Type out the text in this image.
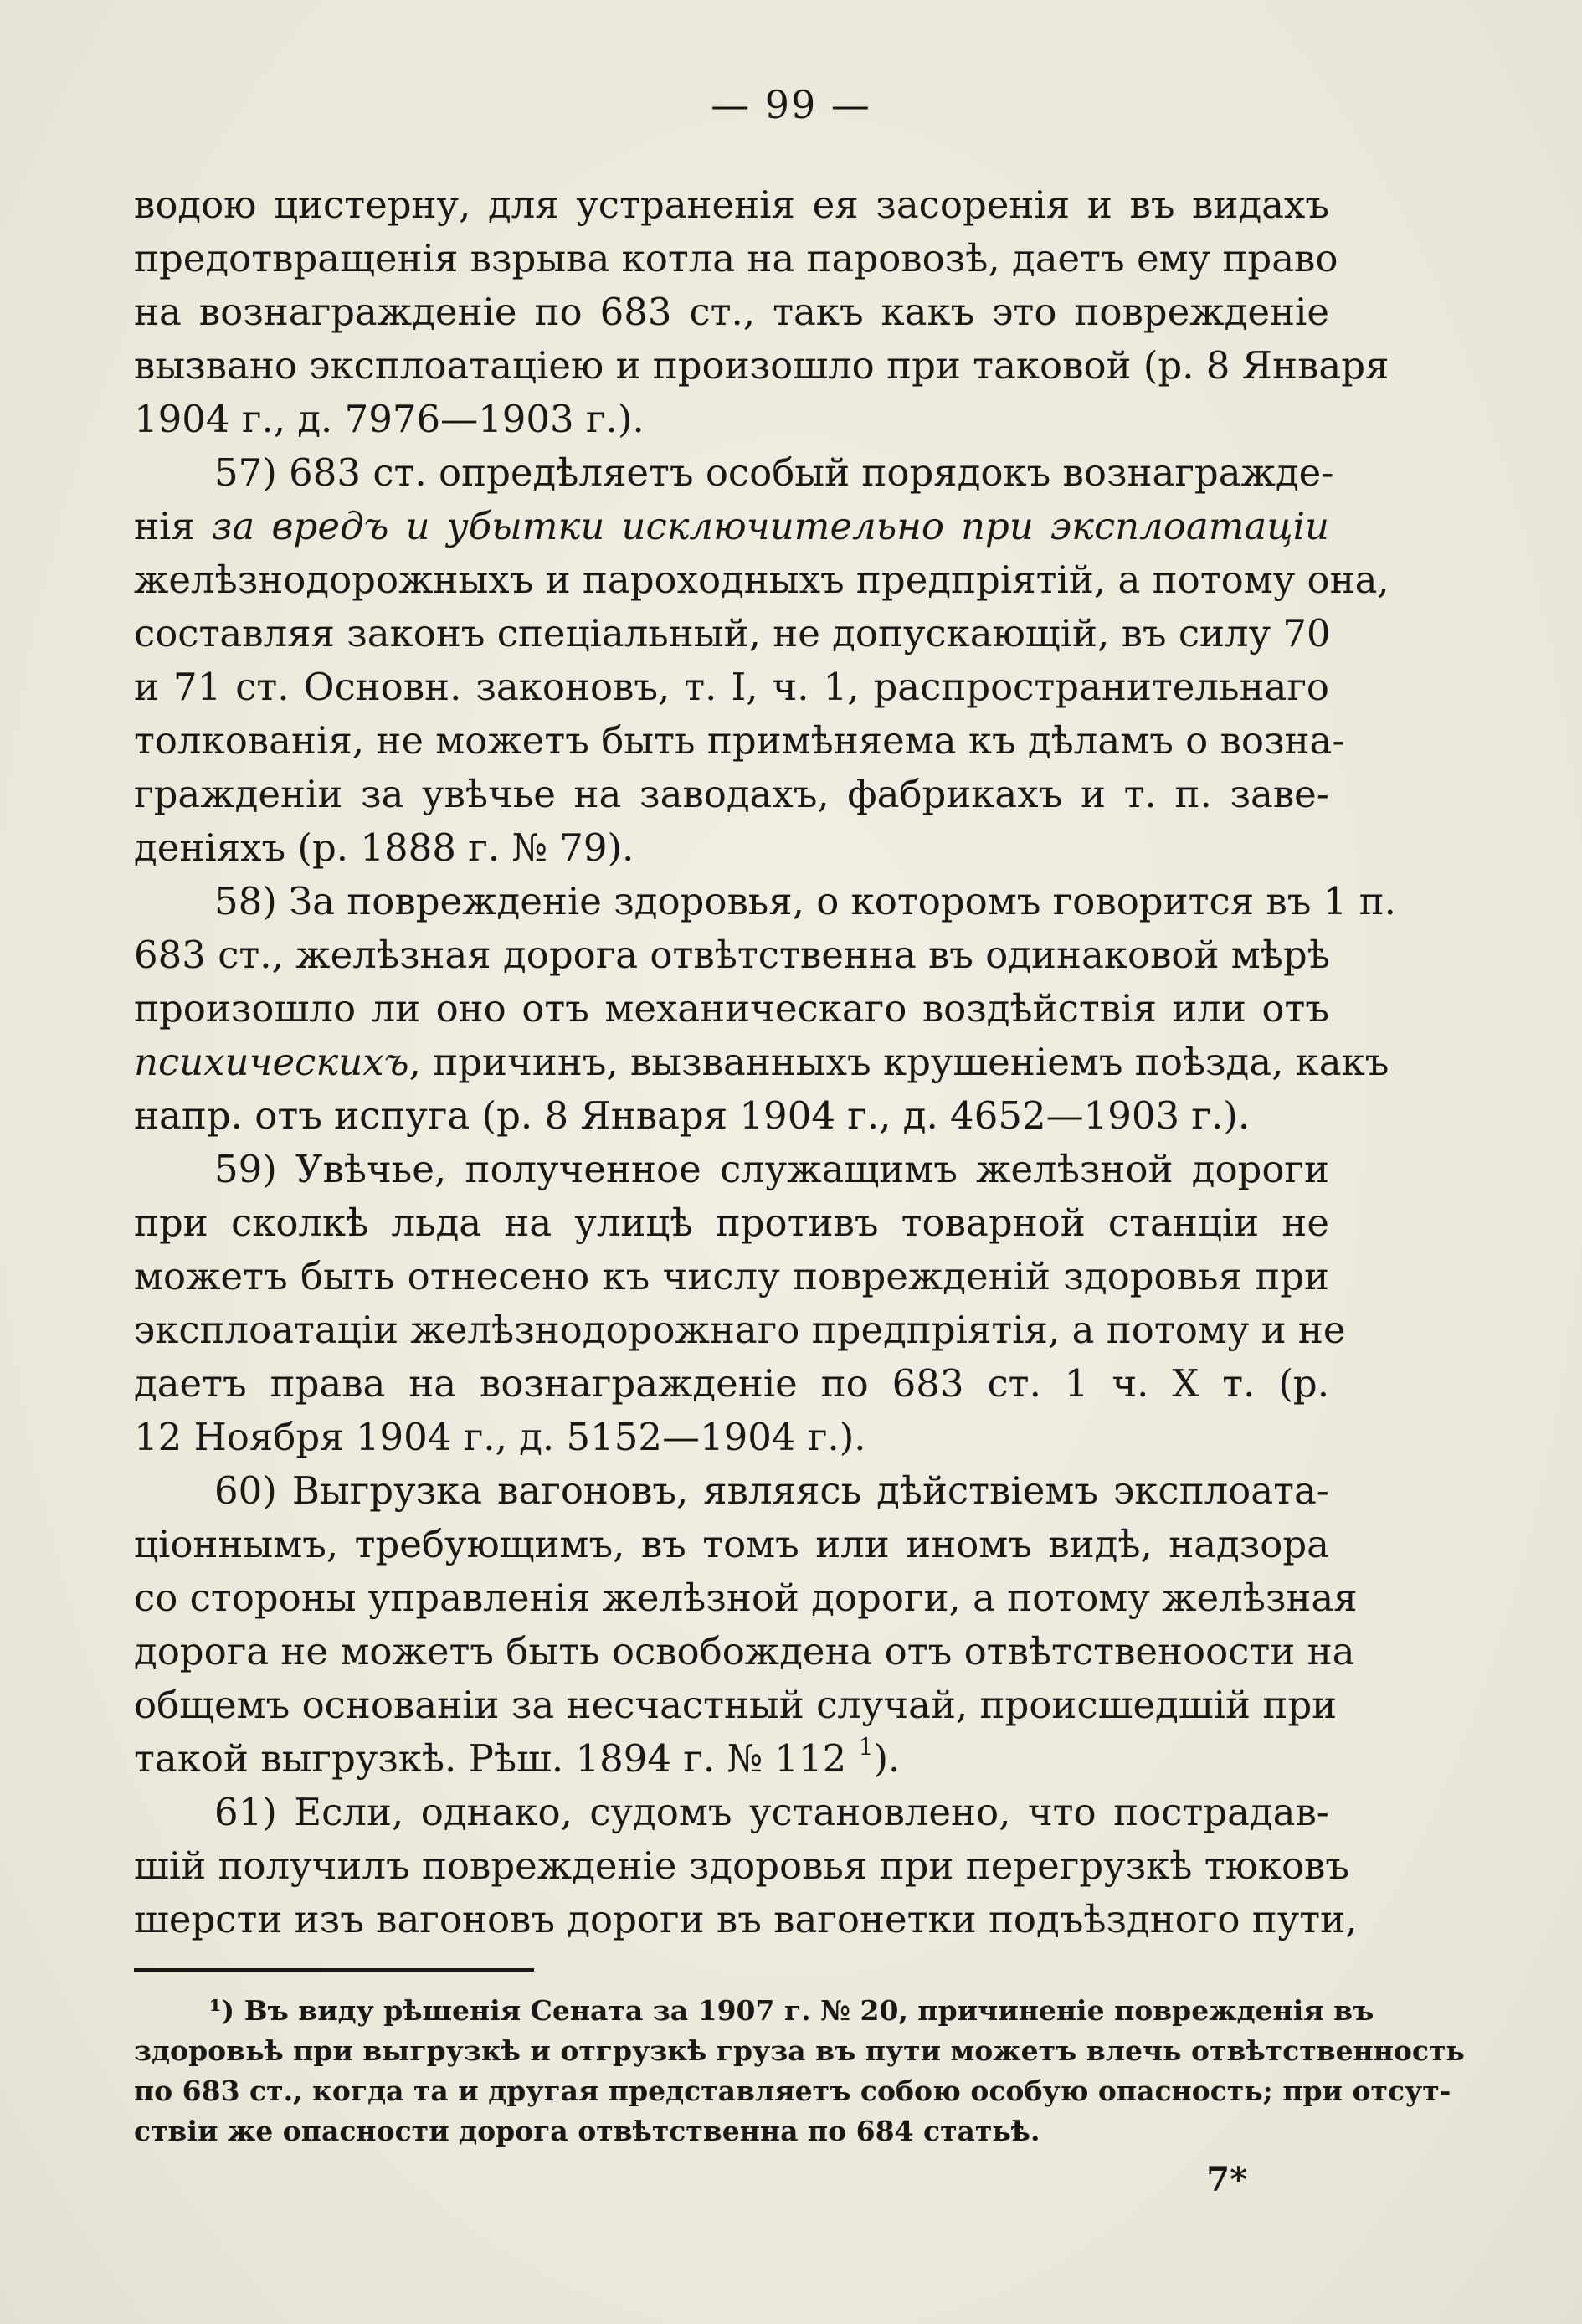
— 99 —
водою цистерну, для устраненія ея засоренія и въ видахъ
предотвращенія взрыва котла на паровозѣ, даетъ ему право
на вознагражденіе по 683 ст., такъ какъ это поврежденіе
вызвано эксплоатаціею и произошло при таковой (р. 8 Января
1904 г., д. 7976—1903 г.).
57) 683 ст. опредѣляетъ особый порядокъ вознагражде-
нія за вредъ и убытки исключительно при эксплоатаціи
желѣзнодорожныхъ и пароходныхъ предпріятій, а потому она,
составляя законъ спеціальный, не допускающій, въ силу 70
и 71 ст. Основн. законовъ, т. I, ч. 1, распространительнаго
толкованія, не можетъ быть примѣняема къ дѣламъ о возна-
гражденіи за увѣчье на заводахъ, фабрикахъ и т. п. заве-
деніяхъ (р. 1888 г. № 79).
58) За поврежденіе здоровья, о которомъ говорится въ 1 п.
683 ст., желѣзная дорога отвѣтственна въ одинаковой мѣрѣ
произошло ли оно отъ механическаго воздѣйствія или отъ
психическихъ, причинъ, вызванныхъ крушеніемъ поѣзда, какъ
напр. отъ испуга (р. 8 Января 1904 г., д. 4652—1903 г.).
59) Увѣчье, полученное служащимъ желѣзной дороги
при сколкѣ льда на улицѣ противъ товарной станціи не
можетъ быть отнесено къ числу поврежденій здоровья при
эксплоатаціи желѣзнодорожнаго предпріятія, а потому и не
даетъ права на вознагражденіе по 683 ст. 1 ч. X т. (р.
12 Ноября 1904 г., д. 5152—1904 г.).
60) Выгрузка вагоновъ, являясь дѣйствіемъ эксплоата-
ціоннымъ, требующимъ, въ томъ или иномъ видѣ, надзора
со стороны управленія желѣзной дороги, а потому желѣзная
дорога не можетъ быть освобождена отъ отвѣтственоости на
общемъ основаніи за несчастный случай, происшедшій при
такой выгрузкѣ. Рѣш. 1894 г. № 112 $^1$).
61) Если, однако, судомъ установлено, что пострадав-
шій получилъ поврежденіе здоровья при перегрузкѣ тюковъ
шерсти изъ вагоновъ дороги въ вагонетки подъѣздного пути,
¹) Въ виду рѣшенія Сената за 1907 г. № 20, причиненіе поврежденія въ
здоровьѣ при выгрузкѣ и отгрузкѣ груза въ пути можетъ влечь отвѣтственность
по 683 ст., когда та и другая представляетъ собою особую опасность; при отсут-
ствіи же опасности дорога отвѣтственна по 684 статьѣ.
7*
